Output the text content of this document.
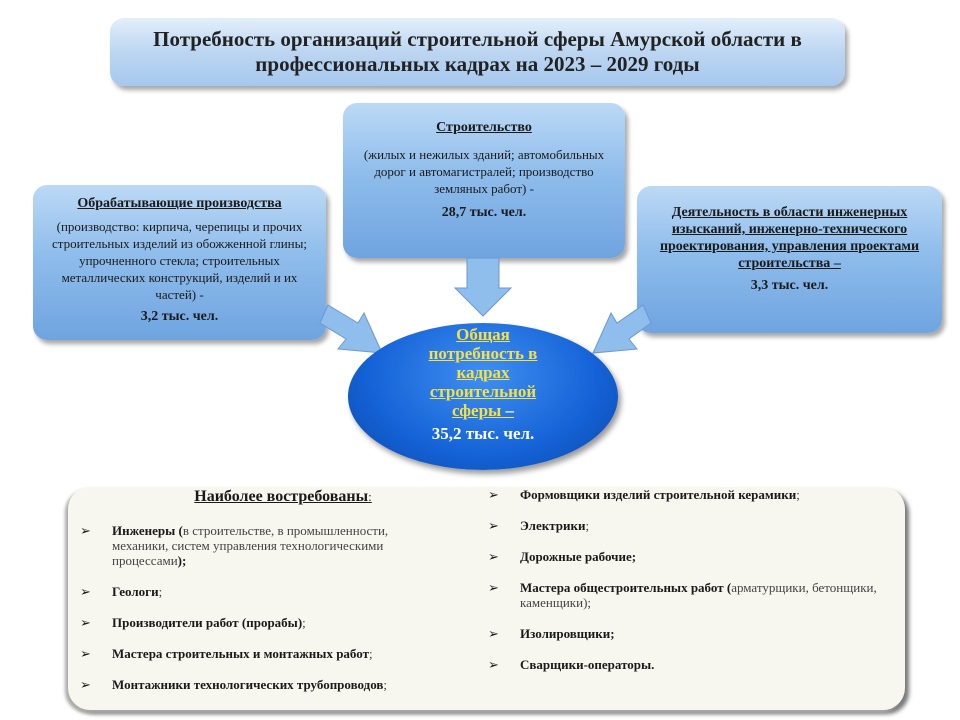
Потребность организаций строительной сферы Амурской области в профессиональных кадрах на 2023 – 2029 годы
Обрабатывающие производства
(производство: кирпича, черепицы и прочих строительных изделий из обожженной глины; упрочненного стекла; строительных металлических конструкций, изделий и их частей) -
3,2 тыс. чел.
Строительство
(жилых и нежилых зданий; автомобильных дорог и автомагистралей; производство земляных работ) -
28,7 тыс. чел.	Деятельность в области инженерных изысканий, инженерно-технического проектирования, управления проектами строительства –
3,3 тыс. чел.
Общая потребность в кадрах строительной сферы –
35,2 тыс. чел.
Наиболее востребованы:
➢ Инженеры (в строительстве, в промышленности, механики, систем управления технологическими процессами);
➢ Геологи;
➢ Производители работ (прорабы);
➢ Мастера строительных и монтажных работ;
➢ Монтажники технологических трубопроводов;
➢ Формовщики изделий строительной керамики;
➢ Электрики;
➢ Дорожные рабочие;
➢ Мастера общестроительных работ (арматурщики, бетонщики, каменщики);
➢ Изолировщики;
➢ Сварщики-операторы.
